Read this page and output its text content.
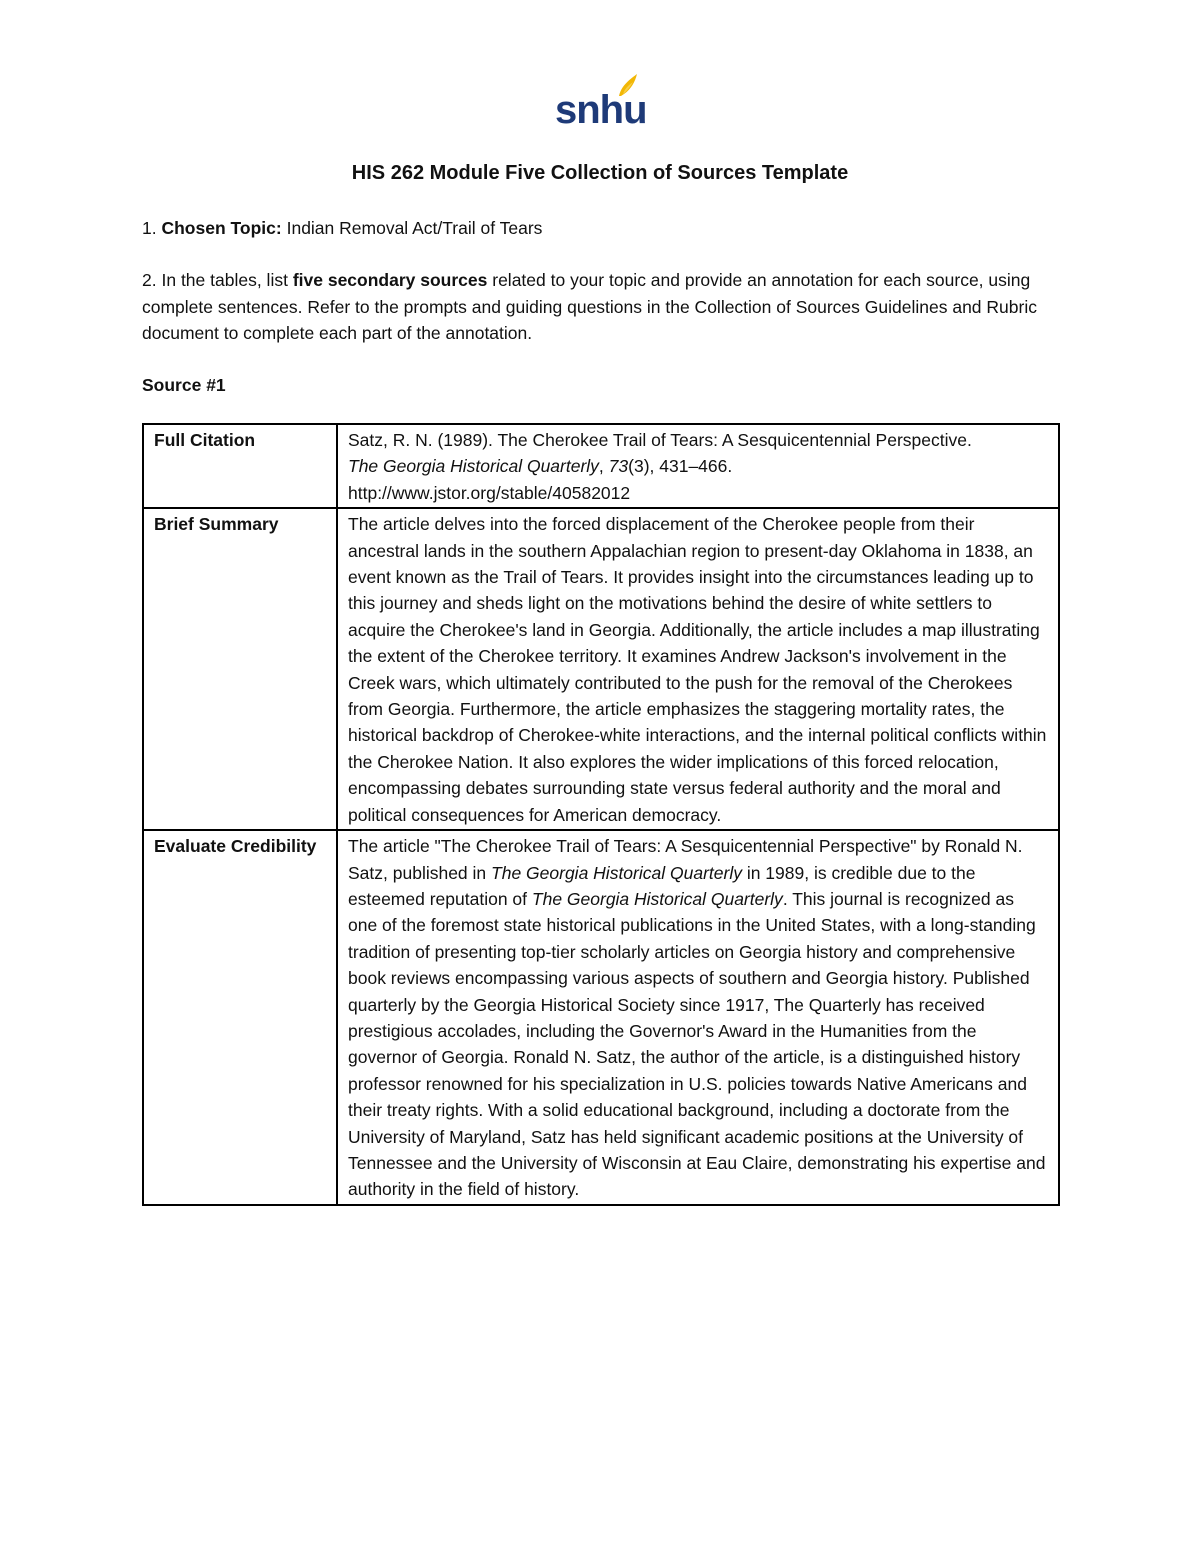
snhu
HIS 262 Module Five Collection of Sources Template
1. Chosen Topic: Indian Removal Act/Trail of Tears
2. In the tables, list five secondary sources related to your topic and provide an annotation for each source, using complete sentences. Refer to the prompts and guiding questions in the Collection of Sources Guidelines and Rubric document to complete each part of the annotation.
Source #1
Full Citation	Satz, R. N. (1989). The Cherokee Trail of Tears: A Sesquicentennial Perspective.
The Georgia Historical Quarterly, 73(3), 431–466.
http://www.jstor.org/stable/40582012
Brief Summary	The article delves into the forced displacement of the Cherokee people from their ancestral lands in the southern Appalachian region to present-day Oklahoma in 1838, an event known as the Trail of Tears. It provides insight into the circumstances leading up to this journey and sheds light on the motivations behind the desire of white settlers to acquire the Cherokee's land in Georgia. Additionally, the article includes a map illustrating the extent of the Cherokee territory. It examines Andrew Jackson's involvement in the Creek wars, which ultimately contributed to the push for the removal of the Cherokees from Georgia. Furthermore, the article emphasizes the staggering mortality rates, the historical backdrop of Cherokee-white interactions, and the internal political conflicts within the Cherokee Nation. It also explores the wider implications of this forced relocation, encompassing debates surrounding state versus federal authority and the moral and political consequences for American democracy.
Evaluate Credibility	The article "The Cherokee Trail of Tears: A Sesquicentennial Perspective" by Ronald N. Satz, published in The Georgia Historical Quarterly in 1989, is credible due to the esteemed reputation of The Georgia Historical Quarterly. This journal is recognized as one of the foremost state historical publications in the United States, with a long-standing tradition of presenting top-tier scholarly articles on Georgia history and comprehensive book reviews encompassing various aspects of southern and Georgia history. Published quarterly by the Georgia Historical Society since 1917, The Quarterly has received prestigious accolades, including the Governor's Award in the Humanities from the governor of Georgia. Ronald N. Satz, the author of the article, is a distinguished history professor renowned for his specialization in U.S. policies towards Native Americans and their treaty rights. With a solid educational background, including a doctorate from the University of Maryland, Satz has held significant academic positions at the University of Tennessee and the University of Wisconsin at Eau Claire, demonstrating his expertise and authority in the field of history.
